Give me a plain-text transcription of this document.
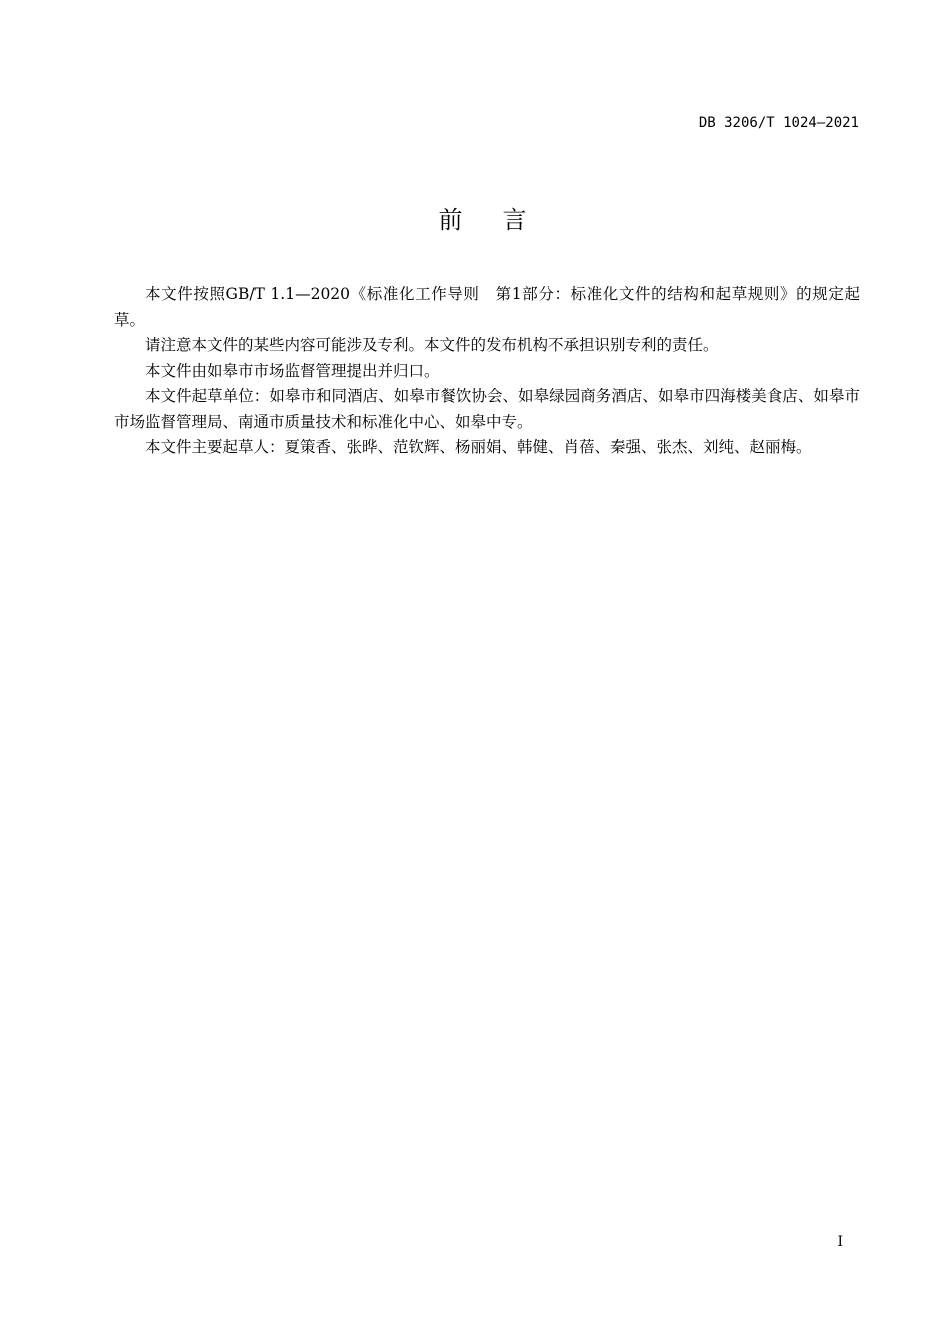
DB 3206/T 1024—2021
前言

本文件按照GB/T 1.1—2020《标准化工作导则　第1部分：标准化文件的结构和起草规则》的规定起草。

请注意本文件的某些内容可能涉及专利。本文件的发布机构不承担识别专利的责任。

本文件由如皋市市场监督管理提出并归口。

本文件起草单位：如皋市和同酒店、如皋市餐饮协会、如皋绿园商务酒店、如皋市四海楼美食店、如皋市市场监督管理局、南通市质量技术和标准化中心、如皋中专。

本文件主要起草人：夏策香、张晔、范钦辉、杨丽娟、韩健、肖蓓、秦强、张杰、刘纯、赵丽梅。

I
